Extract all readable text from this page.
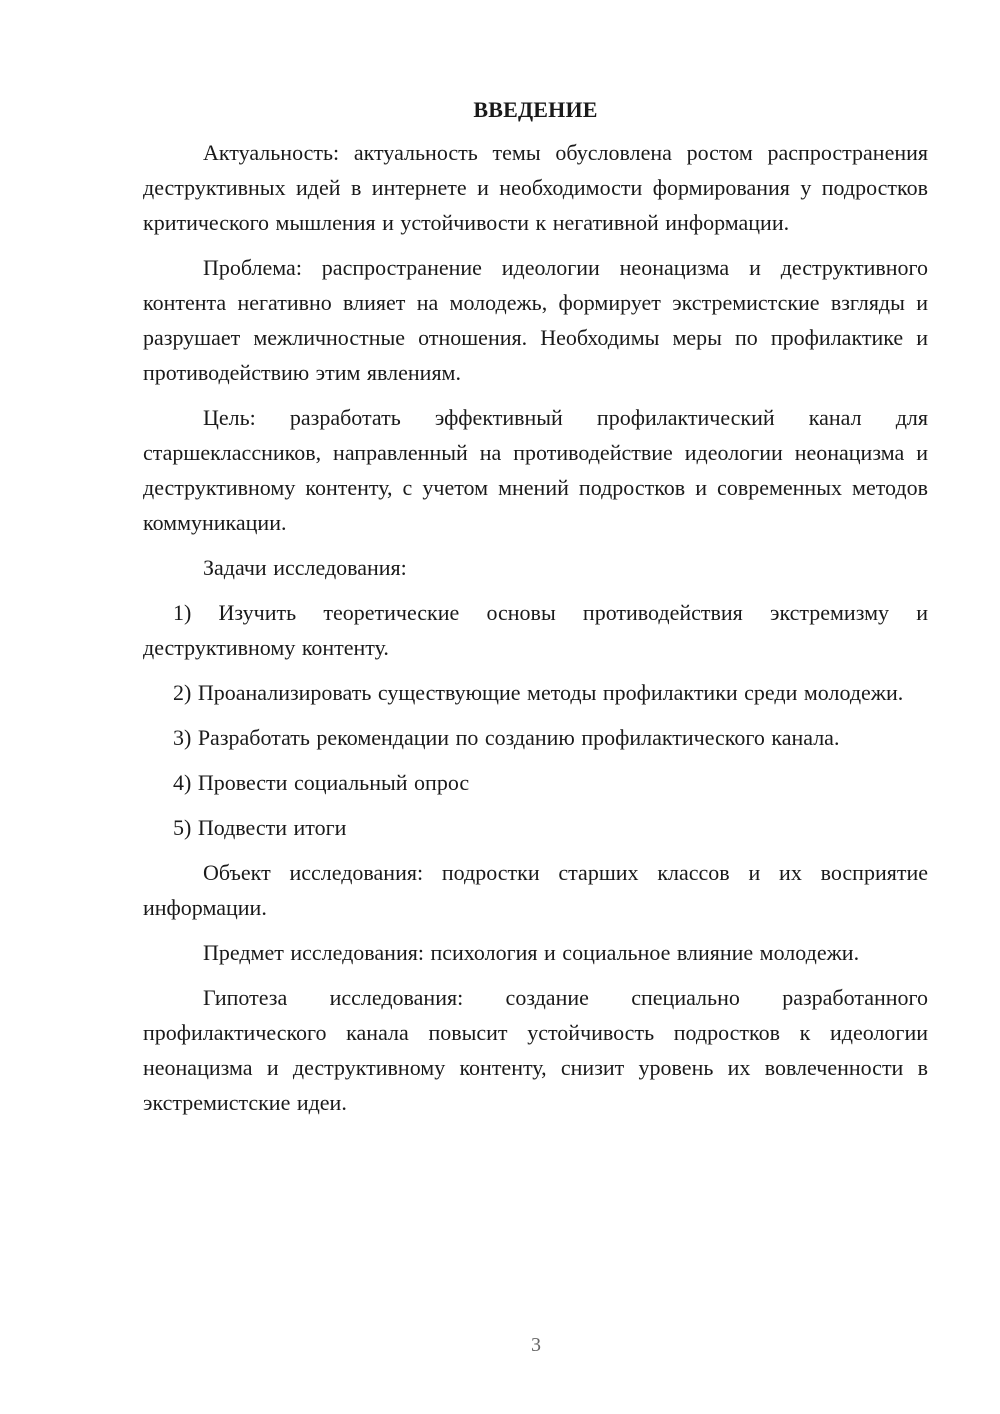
ВВЕДЕНИЕ

Актуальность: актуальность темы обусловлена ростом распространения деструктивных идей в интернете и необходимости формирования у подростков критического мышления и устойчивости к негативной информации.

Проблема: распространение идеологии неонацизма и деструктивного контента негативно влияет на молодежь, формирует экстремистские взгляды и разрушает межличностные отношения. Необходимы меры по профилактике и противодействию этим явлениям.

Цель: разработать эффективный профилактический канал для старшеклассников, направленный на противодействие идеологии неонацизма и деструктивному контенту, с учетом мнений подростков и современных методов коммуникации.

Задачи исследования:

1) Изучить теоретические основы противодействия экстремизму и деструктивному контенту.

2) Проанализировать существующие методы профилактики среди молодежи.

3) Разработать рекомендации по созданию профилактического канала.

4) Провести социальный опрос

5) Подвести итоги

Объект исследования: подростки старших классов и их восприятие информации.

Предмет исследования: психология и социальное влияние молодежи.

Гипотеза исследования: создание специально разработанного профилактического канала повысит устойчивость подростков к идеологии неонацизма и деструктивному контенту, снизит уровень их вовлеченности в экстремистские идеи.

3
